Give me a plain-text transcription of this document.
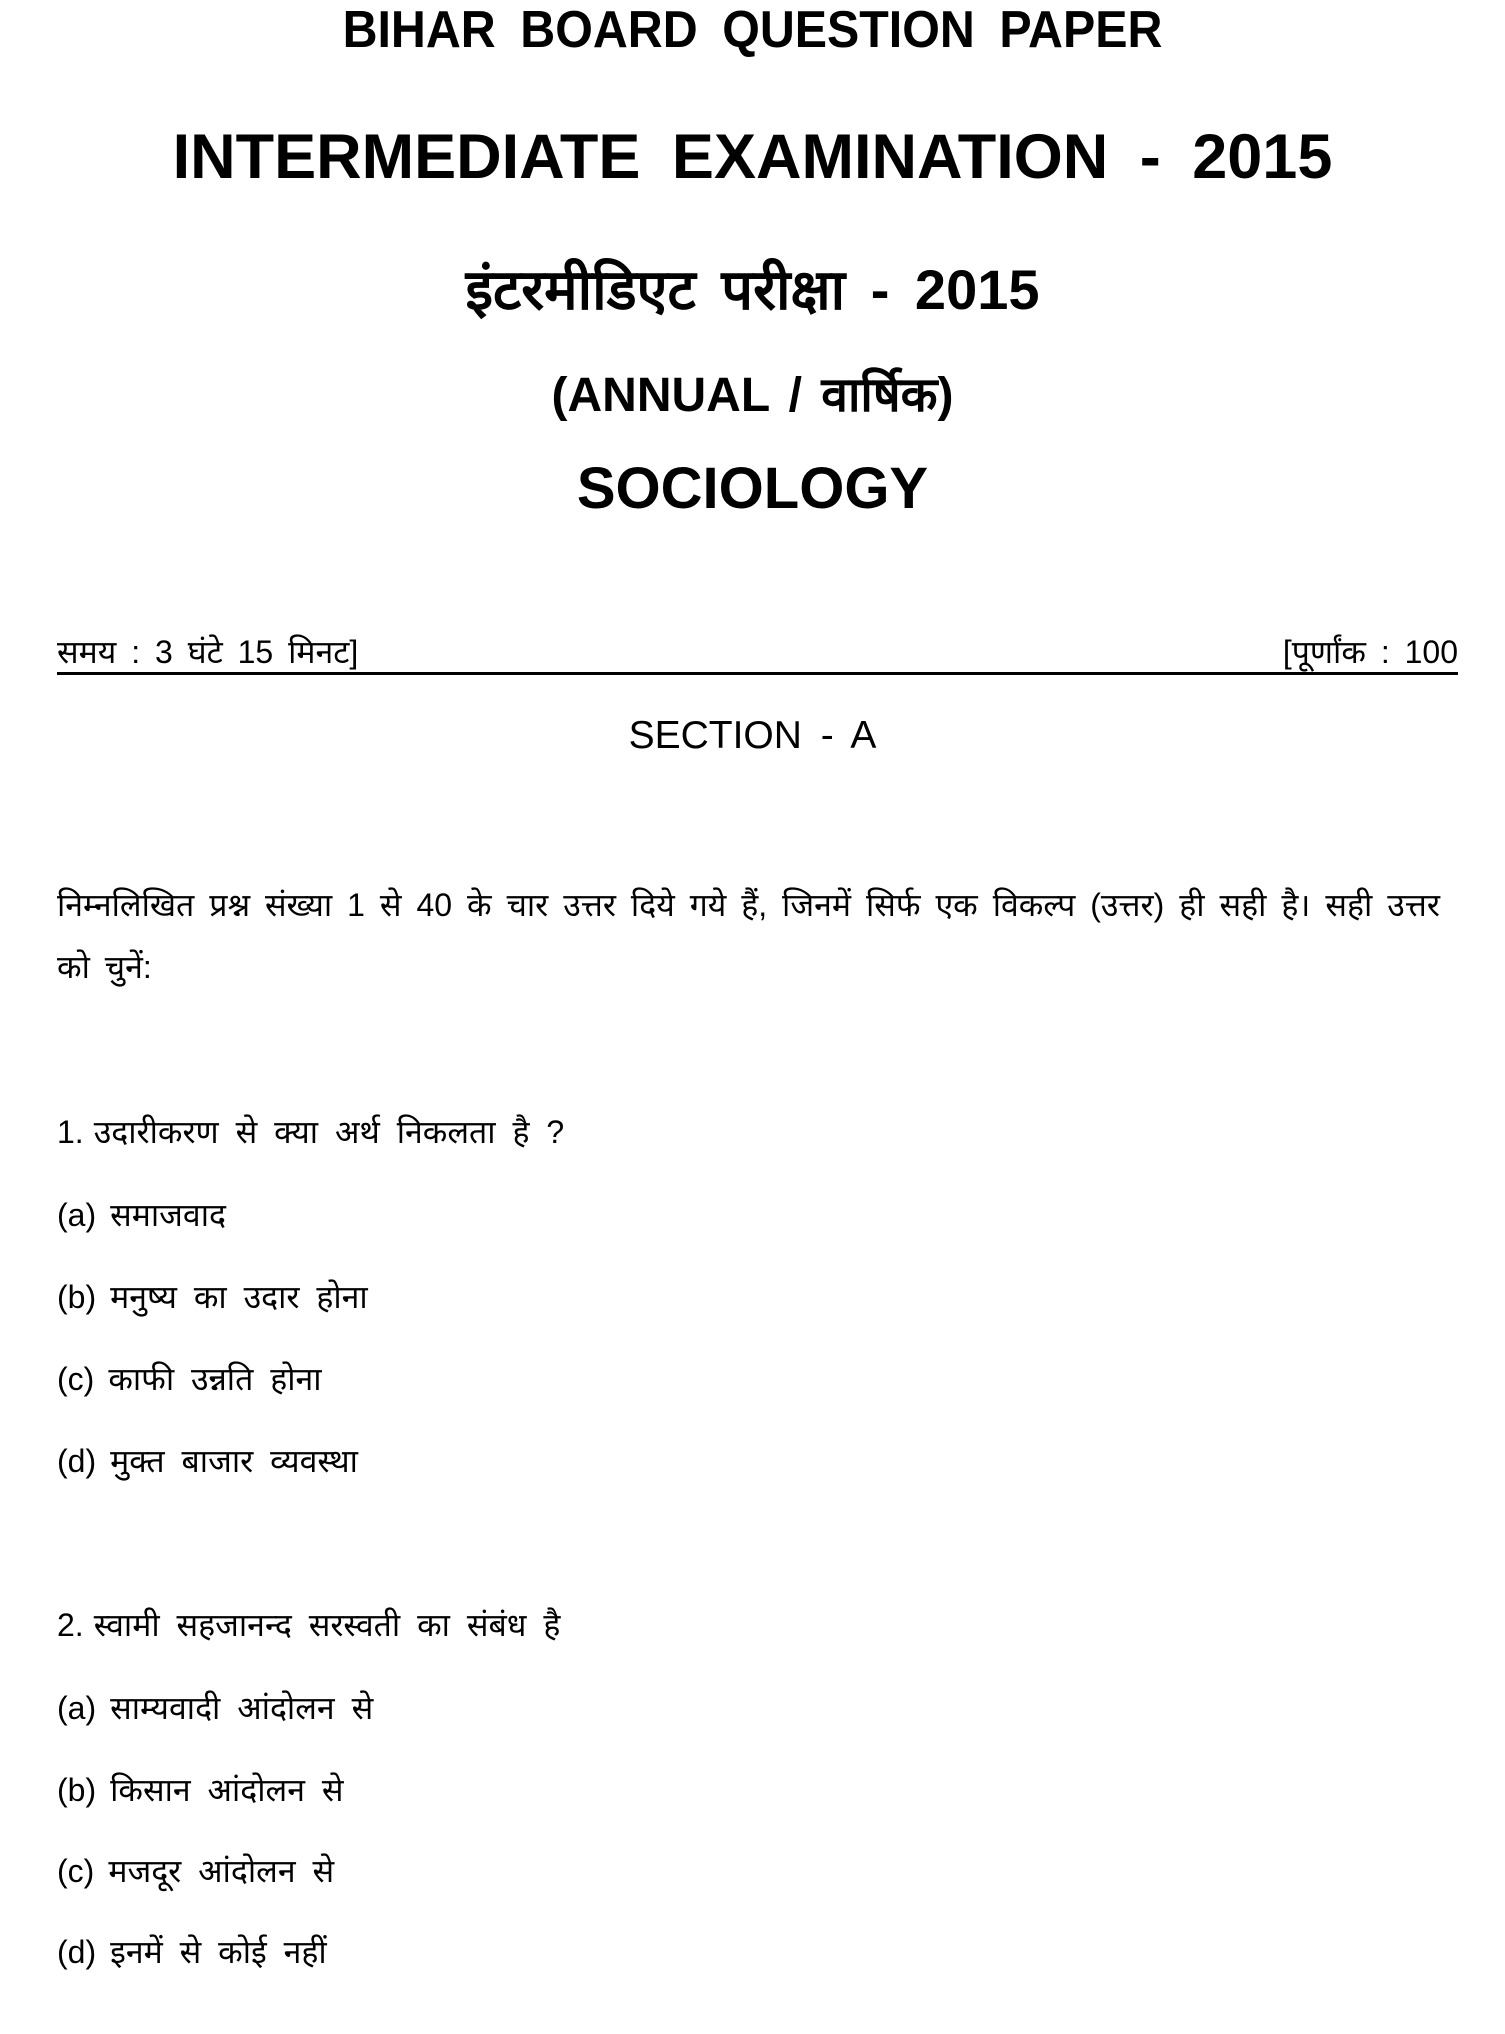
BIHAR BOARD QUESTION PAPER
INTERMEDIATE EXAMINATION - 2015
इंटरमीडिएट परीक्षा - 2015
(ANNUAL / वार्षिक)
SOCIOLOGY
समय : 3 घंटे 15 मिनट]	[पूर्णांक : 100
SECTION - A
निम्नलिखित प्रश्न संख्या 1 से 40 के चार उत्तर दिये गये हैं, जिनमें सिर्फ एक विकल्प (उत्तर) ही सही है। सही उत्तर को चुनें:
1. उदारीकरण से क्या अर्थ निकलता है ?
(a) समाजवाद
(b) मनुष्य का उदार होना
(c) काफी उन्नति होना
(d) मुक्त बाजार व्यवस्था
2. स्वामी सहजानन्द सरस्वती का संबंध है
(a) साम्यवादी आंदोलन से
(b) किसान आंदोलन से
(c) मजदूर आंदोलन से
(d) इनमें से कोई नहीं
